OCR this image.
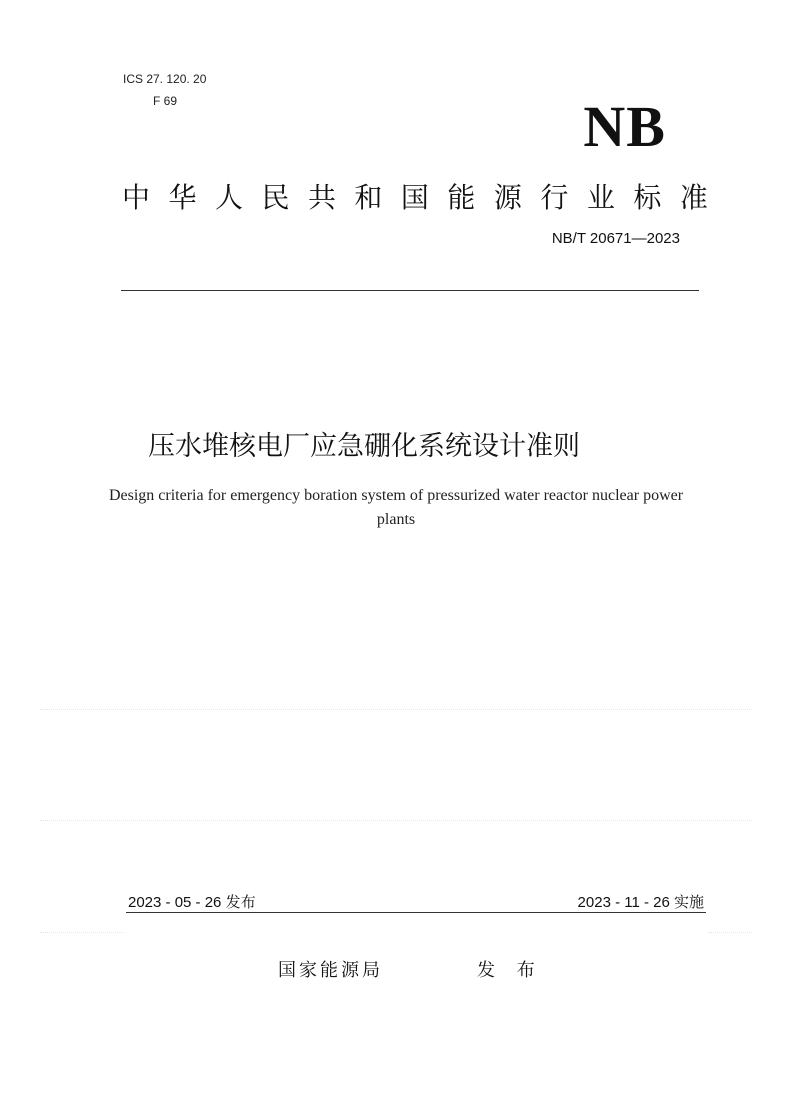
ICS 27. 120. 20
F 69	NB
中 华 人 民 共 和 国 能 源 行 业 标 准
NB/T 20671—2023
压水堆核电厂应急硼化系统设计准则
Design criteria for emergency boration system of pressurized water reactor nuclear power plants
2023 - 05 - 26 发布	2023 - 11 - 26 实施
国家能源局	发 布
